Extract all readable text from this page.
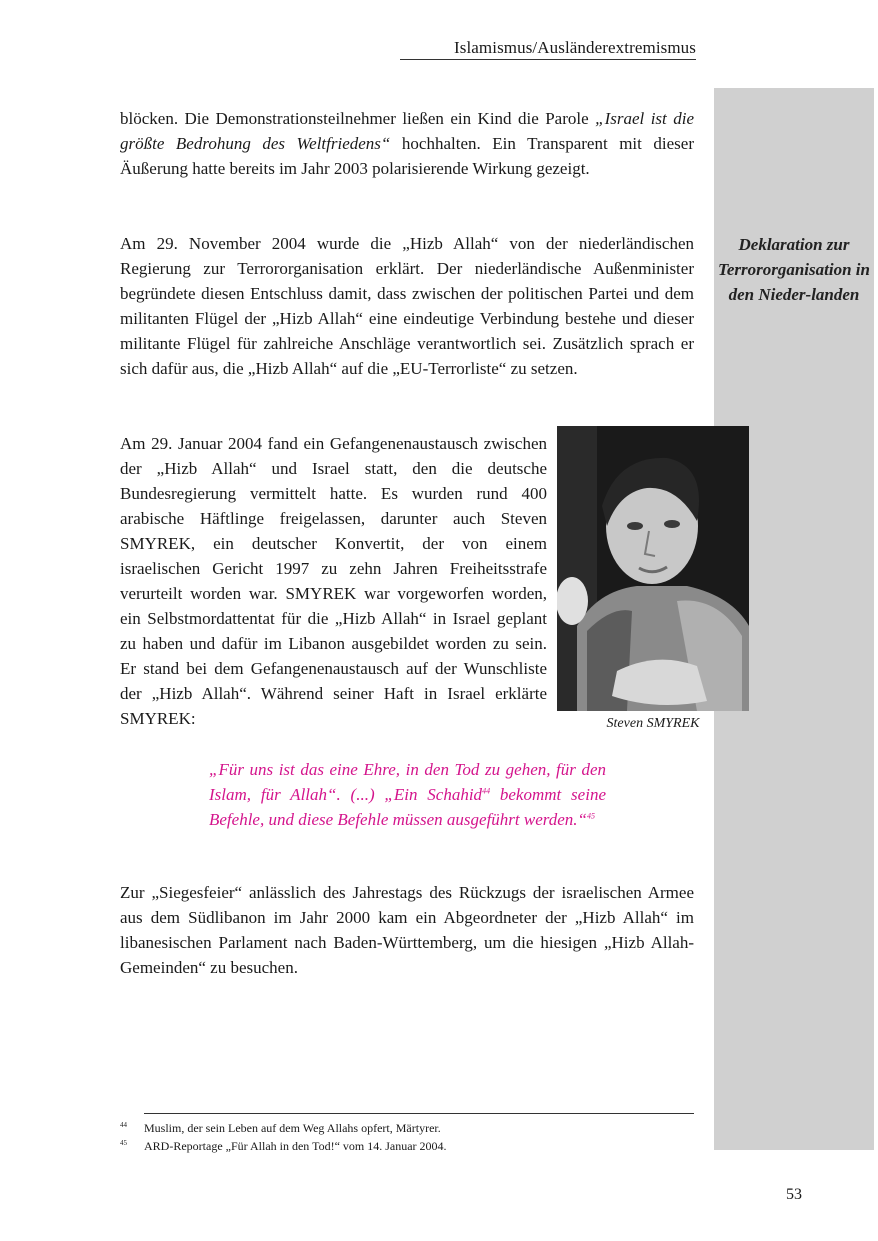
Islamismus/Ausländerextremismus
Deklaration zur Terrororganisation in den Nieder-landen

blöcken. Die Demonstrationsteilnehmer ließen ein Kind die Parole „Israel ist die größte Bedrohung des Weltfriedens“ hochhalten. Ein Transparent mit dieser Äußerung hatte bereits im Jahr 2003 polarisierende Wirkung gezeigt.

Am 29. November 2004 wurde die „Hizb Allah“ von der niederländischen Regierung zur Terrororganisation erklärt. Der niederländische Außenminister begründete diesen Entschluss damit, dass zwischen der politischen Partei und dem militanten Flügel der „Hizb Allah“ eine eindeutige Verbindung bestehe und dieser militante Flügel für zahlreiche Anschläge verantwortlich sei. Zusätzlich sprach er sich dafür aus, die „Hizb Allah“ auf die „EU-Terrorliste“ zu setzen.

Am 29. Januar 2004 fand ein Gefangenenaustausch zwischen der „Hizb Allah“ und Israel statt, den die deutsche Bundesregierung vermittelt hatte. Es wurden rund 400 arabische Häftlinge freigelassen, darunter auch Steven SMYREK, ein deutscher Konvertit, der von einem israelischen Gericht 1997 zu zehn Jahren Freiheitsstrafe verurteilt worden war. SMYREK war vorgeworfen worden, ein Selbstmordattentat für die „Hizb Allah“ in Israel geplant zu haben und dafür im Libanon ausgebildet worden zu sein. Er stand bei dem Gefangenenaustausch auf der Wunschliste der „Hizb Allah“. Während seiner Haft in Israel erklärte SMYREK:	Steven SMYREK

„Für uns ist das eine Ehre, in den Tod zu gehen, für den Islam, für Allah“. (...) „Ein Schahid$^{44}$ bekommt seine Befehle, und diese Befehle müssen ausgeführt werden.“$^{45}$

Zur „Siegesfeier“ anlässlich des Jahrestags des Rückzugs der israelischen Armee aus dem Südlibanon im Jahr 2000 kam ein Abgeordneter der „Hizb Allah“ im libanesischen Parlament nach Baden-Württemberg, um die hiesigen „Hizb Allah-Gemeinden“ zu besuchen.

44 Muslim, der sein Leben auf dem Weg Allahs opfert, Märtyrer.
45 ARD-Reportage „Für Allah in den Tod!“ vom 14. Januar 2004.
53
